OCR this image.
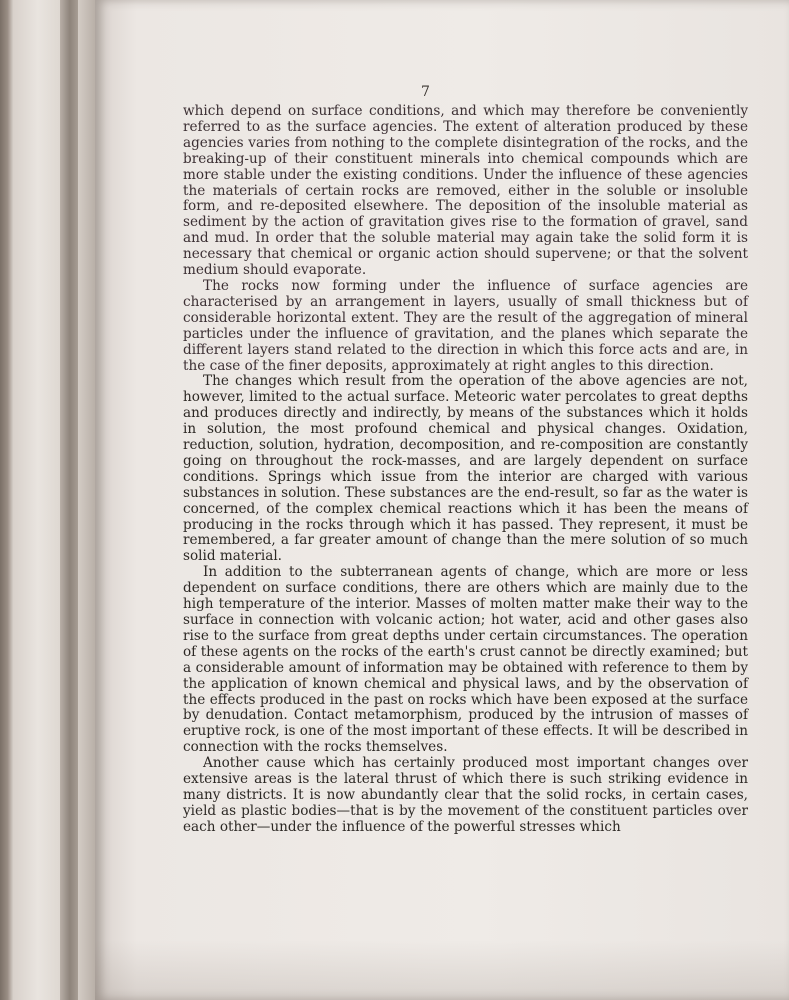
7

which depend on surface conditions, and which may therefore be conveniently referred to as the surface agencies. The extent of alteration produced by these agencies varies from nothing to the complete disintegration of the rocks, and the breaking-up of their constituent minerals into chemical compounds which are more stable under the existing conditions. Under the influence of these agencies the materials of certain rocks are removed, either in the soluble or insoluble form, and re-deposited elsewhere. The deposition of the insoluble material as sediment by the action of gravitation gives rise to the formation of gravel, sand and mud. In order that the soluble material may again take the solid form it is necessary that chemical or organic action should supervene; or that the solvent medium should evaporate.

The rocks now forming under the influence of surface agencies are characterised by an arrangement in layers, usually of small thickness but of considerable horizontal extent. They are the result of the aggregation of mineral particles under the influence of gravitation, and the planes which separate the different layers stand related to the direction in which this force acts and are, in the case of the finer deposits, approximately at right angles to this direction.

The changes which result from the operation of the above agencies are not, however, limited to the actual surface. Meteoric water percolates to great depths and produces directly and indirectly, by means of the substances which it holds in solution, the most profound chemical and physical changes. Oxidation, reduction, solution, hydration, decomposition, and re-composition are constantly going on throughout the rock-masses, and are largely dependent on surface conditions. Springs which issue from the interior are charged with various substances in solution. These substances are the end-result, so far as the water is concerned, of the complex chemical reactions which it has been the means of producing in the rocks through which it has passed. They represent, it must be remembered, a far greater amount of change than the mere solution of so much solid material.

In addition to the subterranean agents of change, which are more or less dependent on surface conditions, there are others which are mainly due to the high temperature of the interior. Masses of molten matter make their way to the surface in connection with volcanic action; hot water, acid and other gases also rise to the surface from great depths under certain circumstances. The operation of these agents on the rocks of the earth's crust cannot be directly examined; but a considerable amount of information may be obtained with reference to them by the application of known chemical and physical laws, and by the observation of the effects produced in the past on rocks which have been exposed at the surface by denudation. Contact metamorphism, produced by the intrusion of masses of eruptive rock, is one of the most important of these effects. It will be described in connection with the rocks themselves.

Another cause which has certainly produced most important changes over extensive areas is the lateral thrust of which there is such striking evidence in many districts. It is now abundantly clear that the solid rocks, in certain cases, yield as plastic bodies—that is by the movement of the constituent particles over each other—under the influence of the powerful stresses which
